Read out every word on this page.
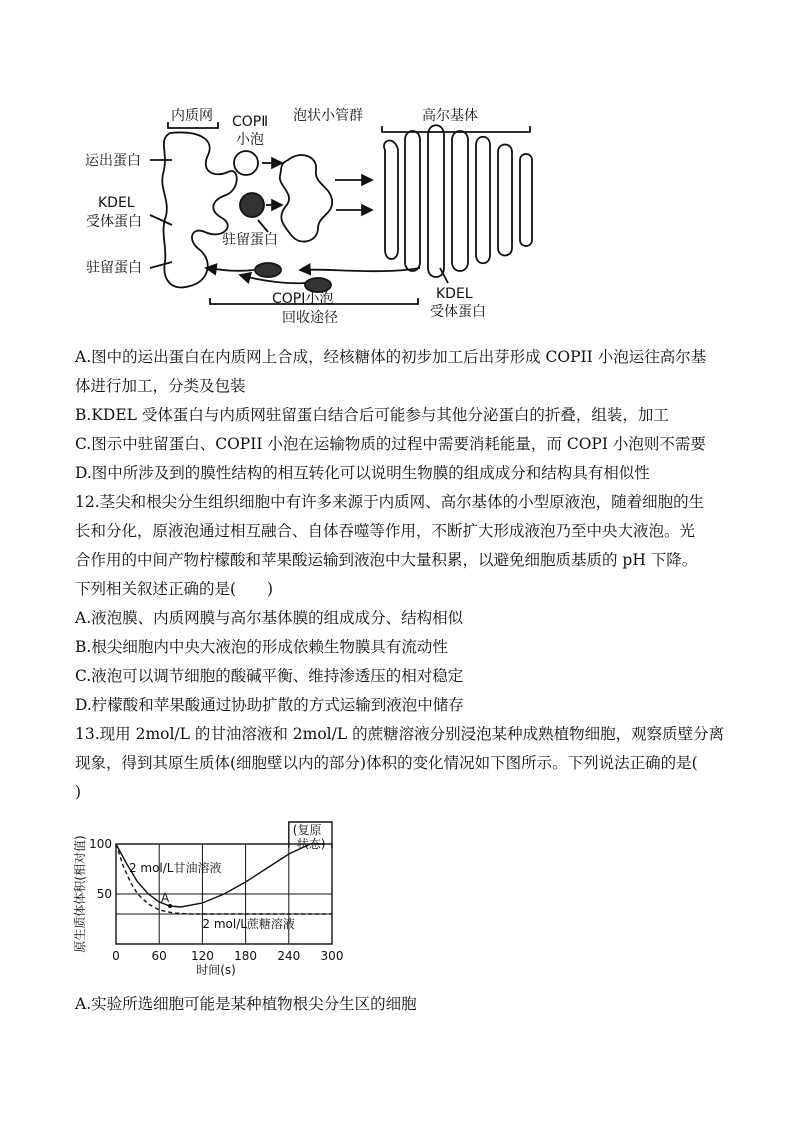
内质网 COPⅡ
小泡
泡状小管群	高尔基体
运出蛋白
KDEL
受体蛋白
驻留蛋白
驻留蛋白
COPⅠ小泡	KDEL
受体蛋白
回收途径
A.图中的运出蛋白在内质网上合成，经核糖体的初步加工后出芽形成 COPII 小泡运往高尔基
体进行加工，分类及包装
B.KDEL 受体蛋白与内质网驻留蛋白结合后可能参与其他分泌蛋白的折叠，组装，加工
C.图示中驻留蛋白、COPII 小泡在运输物质的过程中需要消耗能量，而 COPI 小泡则不需要
D.图中所涉及到的膜性结构的相互转化可以说明生物膜的组成成分和结构具有相似性
12.茎尖和根尖分生组织细胞中有许多来源于内质网、高尔基体的小型原液泡，随着细胞的生
长和分化，原液泡通过相互融合、自体吞噬等作用，不断扩大形成液泡乃至中央大液泡。光
合作用的中间产物柠檬酸和苹果酸运输到液泡中大量积累，以避免细胞质基质的 pH 下降。
下列相关叙述正确的是(　　)
A.液泡膜、内质网膜与高尔基体膜的组成成分、结构相似
B.根尖细胞内中央大液泡的形成依赖生物膜具有流动性
C.液泡可以调节细胞的酸碱平衡、维持渗透压的相对稳定
D.柠檬酸和苹果酸通过协助扩散的方式运输到液泡中储存
13.现用 2mol/L 的甘油溶液和 2mol/L 的蔗糖溶液分别浸泡某种成熟植物细胞，观察质壁分离
现象，得到其原生质体(细胞壁以内的部分)体积的变化情况如下图所示。下列说法正确的是(
)
0	60 120 180 240 300
50
100
2 mol/L甘油溶液
2 mol/L蔗糖溶液
A
(复原
状态)
时间(s)
原生质体体积(相对值)
A.实验所选细胞可能是某种植物根尖分生区的细胞
